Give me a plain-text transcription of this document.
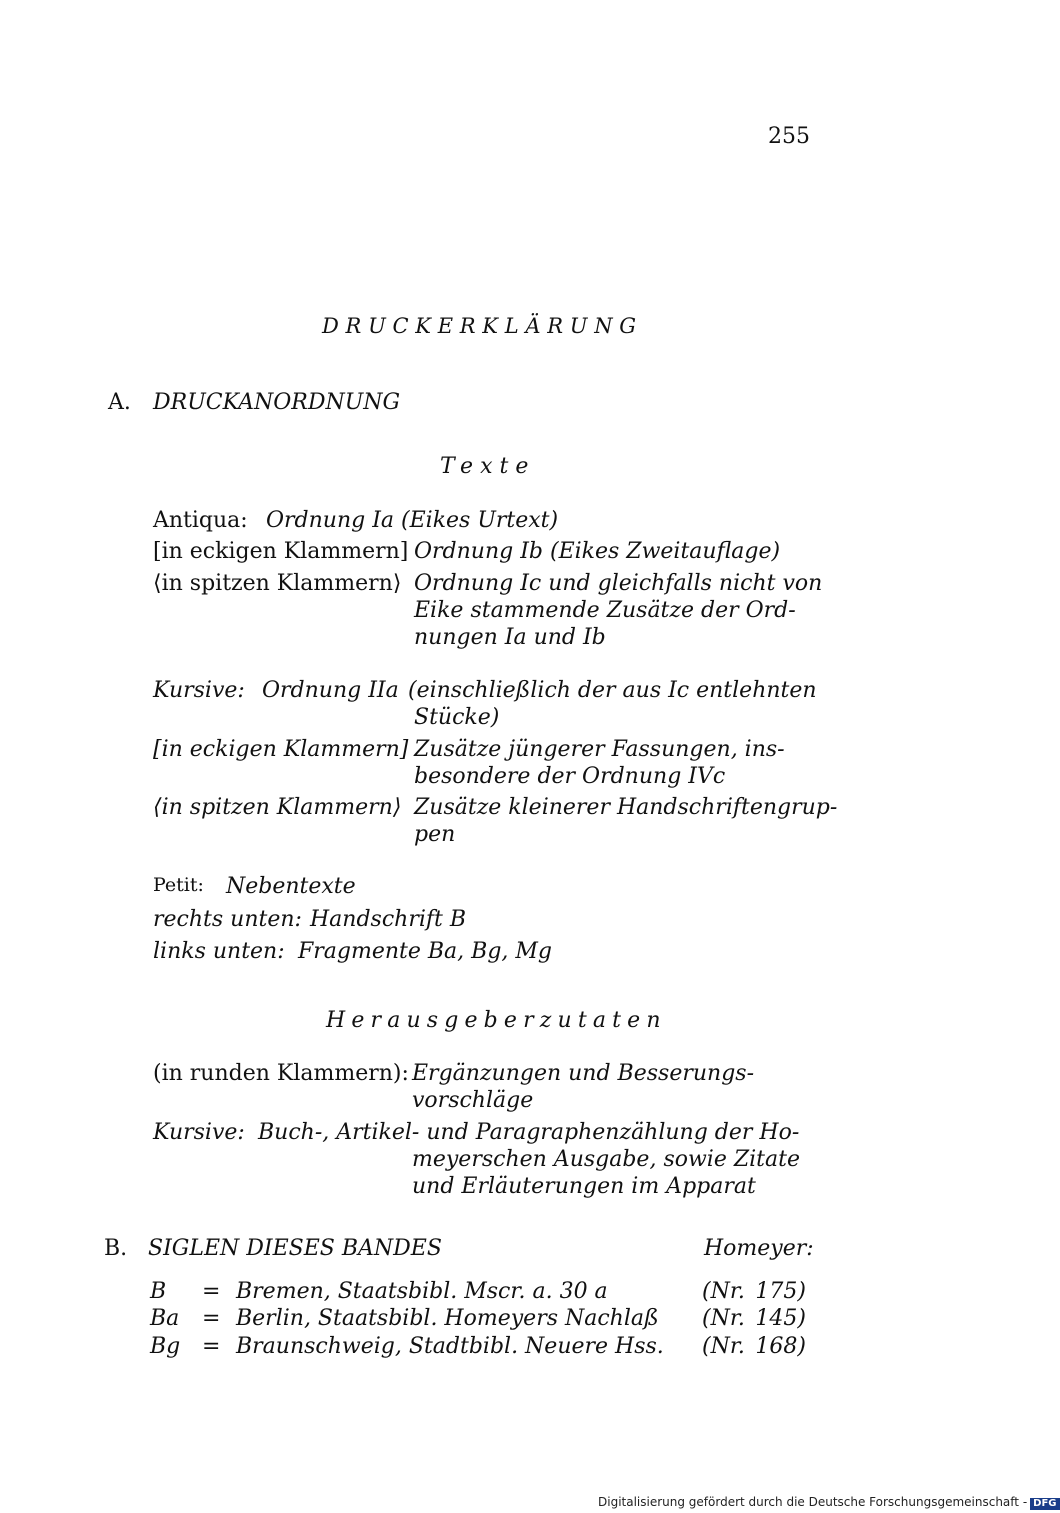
255
DRUCKERKLÄRUNG
A. DRUCKANORDNUNG
Texte
Antiqua: Ordnung Ia (Eikes Urtext)
[in eckigen Klammern] Ordnung Ib (Eikes Zweitauflage)
⟨in spitzen Klammern⟩ Ordnung Ic und gleichfalls nicht von
Eike stammende Zusätze der Ord-
nungen Ia und Ib
Kursive: Ordnung IIa (einschließlich der aus Ic entlehnten
Stücke)
[in eckigen Klammern] Zusätze jüngerer Fassungen, ins-
besondere der Ordnung IVc
⟨in spitzen Klammern⟩ Zusätze kleinerer Handschriftengrup-
pen
Petit: Nebentexte
rechts unten: Handschrift B
links unten: Fragmente Ba, Bg, Mg
Herausgeberzutaten
(in runden Klammern): Ergänzungen und Besserungs-
vorschläge
Kursive: Buch-, Artikel- und Paragraphenzählung der Ho-
meyerschen Ausgabe, sowie Zitate
und Erläuterungen im Apparat
B. SIGLEN DIESES BANDES	Homeyer:
B = Bremen, Staatsbibl. Mscr. a. 30 a	(Nr. 175)
Ba = Berlin, Staatsbibl. Homeyers Nachlaß (Nr. 145)
Bg = Braunschweig, Stadtbibl. Neuere Hss. (Nr. 168)
Digitalisierung gefördert durch die Deutsche Forschungsgemeinschaft - DFG
